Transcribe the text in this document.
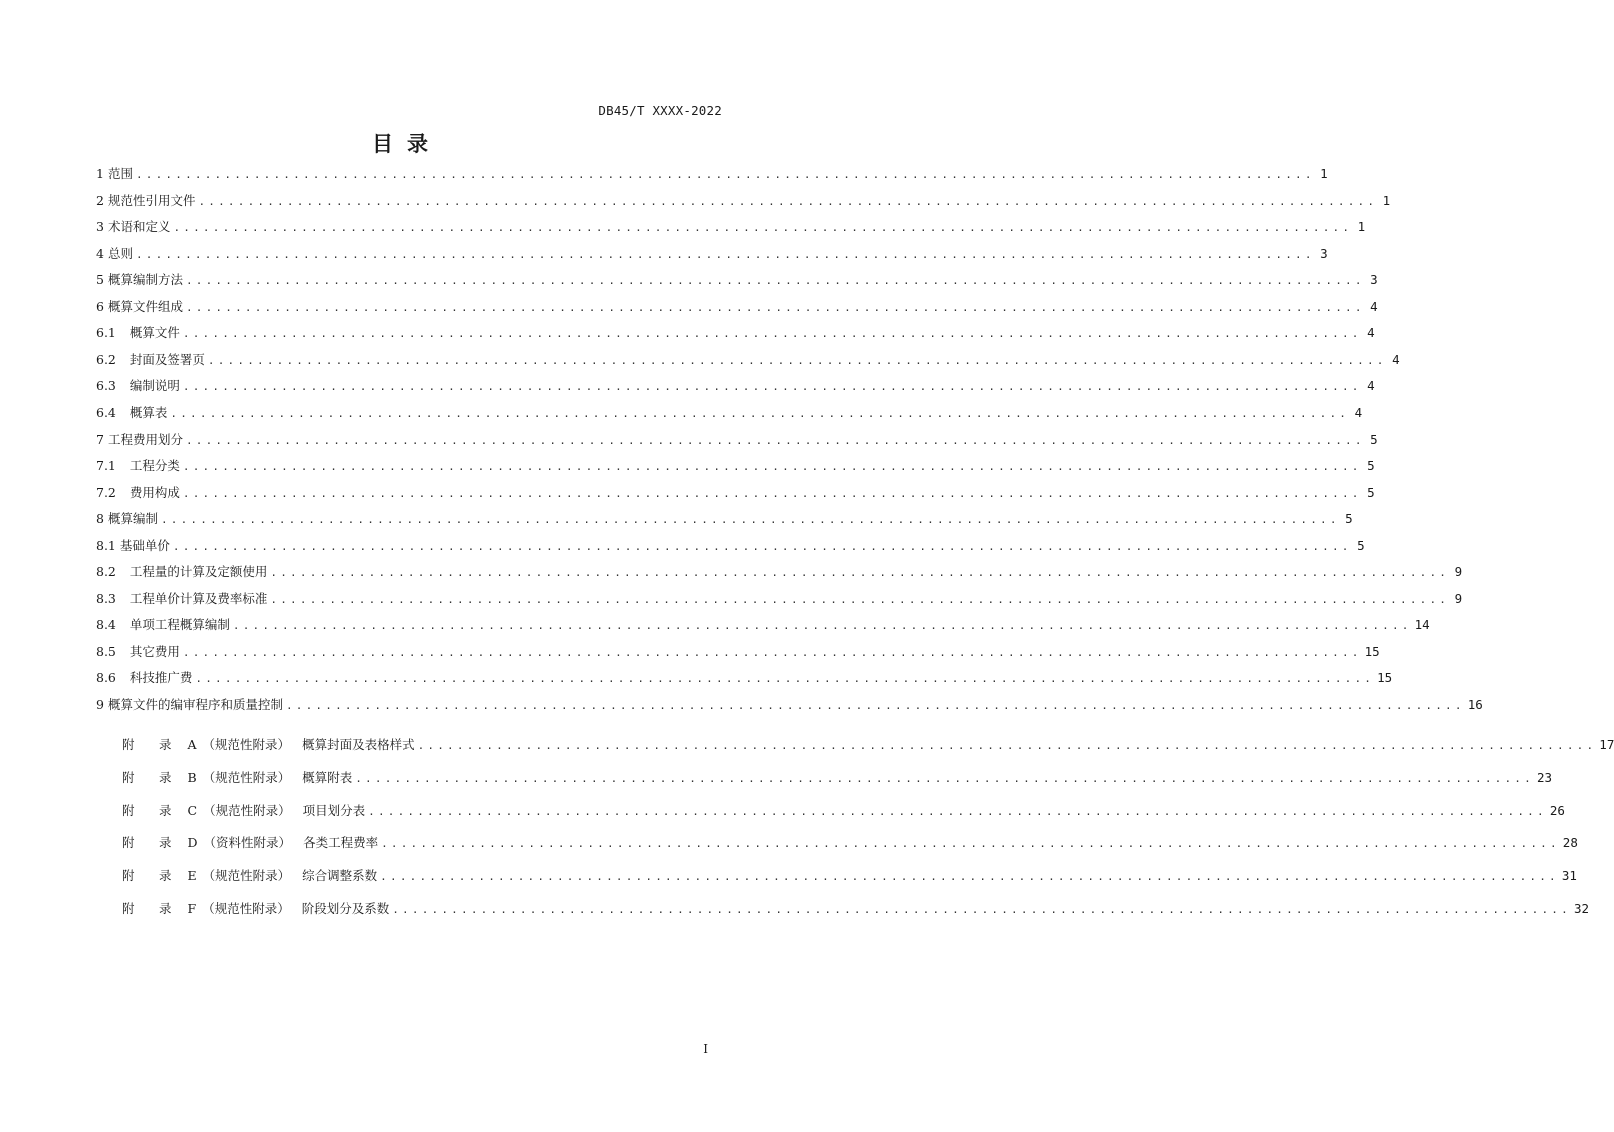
DB45/T XXXX-2022
目录
1 范围 ........................................................................................................................ 1
2 规范性引用文件 ........................................................................................................................ 1
3 术语和定义 ........................................................................................................................ 1
4 总则 ........................................................................................................................ 3
5 概算编制方法 ........................................................................................................................ 3
6 概算文件组成 ........................................................................................................................ 4
6.1 概算文件 ........................................................................................................................ 4
6.2 封面及签署页 ........................................................................................................................ 4
6.3 编制说明 ........................................................................................................................ 4
6.4 概算表 ........................................................................................................................ 4
7 工程费用划分 ........................................................................................................................ 5
7.1 工程分类 ........................................................................................................................ 5
7.2 费用构成 ........................................................................................................................ 5
8 概算编制 ........................................................................................................................ 5
8.1 基础单价 ........................................................................................................................ 5
8.2 工程量的计算及定额使用 ........................................................................................................................ 9
8.3 工程单价计算及费率标准 ........................................................................................................................ 9
8.4 单项工程概算编制 ........................................................................................................................ 14
8.5 其它费用 ........................................................................................................................ 15
8.6 科技推广费 ........................................................................................................................ 15
9 概算文件的编审程序和质量控制 ........................................................................................................................ 16
附　录 A （规范性附录） 概算封面及表格样式 ........................................................................................................................ 17
附　录 B （规范性附录） 概算附表 ........................................................................................................................ 23
附　录 C （规范性附录） 项目划分表 ........................................................................................................................ 26
附　录 D （资料性附录） 各类工程费率 ........................................................................................................................ 28
附　录 E （规范性附录） 综合调整系数 ........................................................................................................................ 31
附　录 F （规范性附录） 阶段划分及系数 ........................................................................................................................ 32
I
